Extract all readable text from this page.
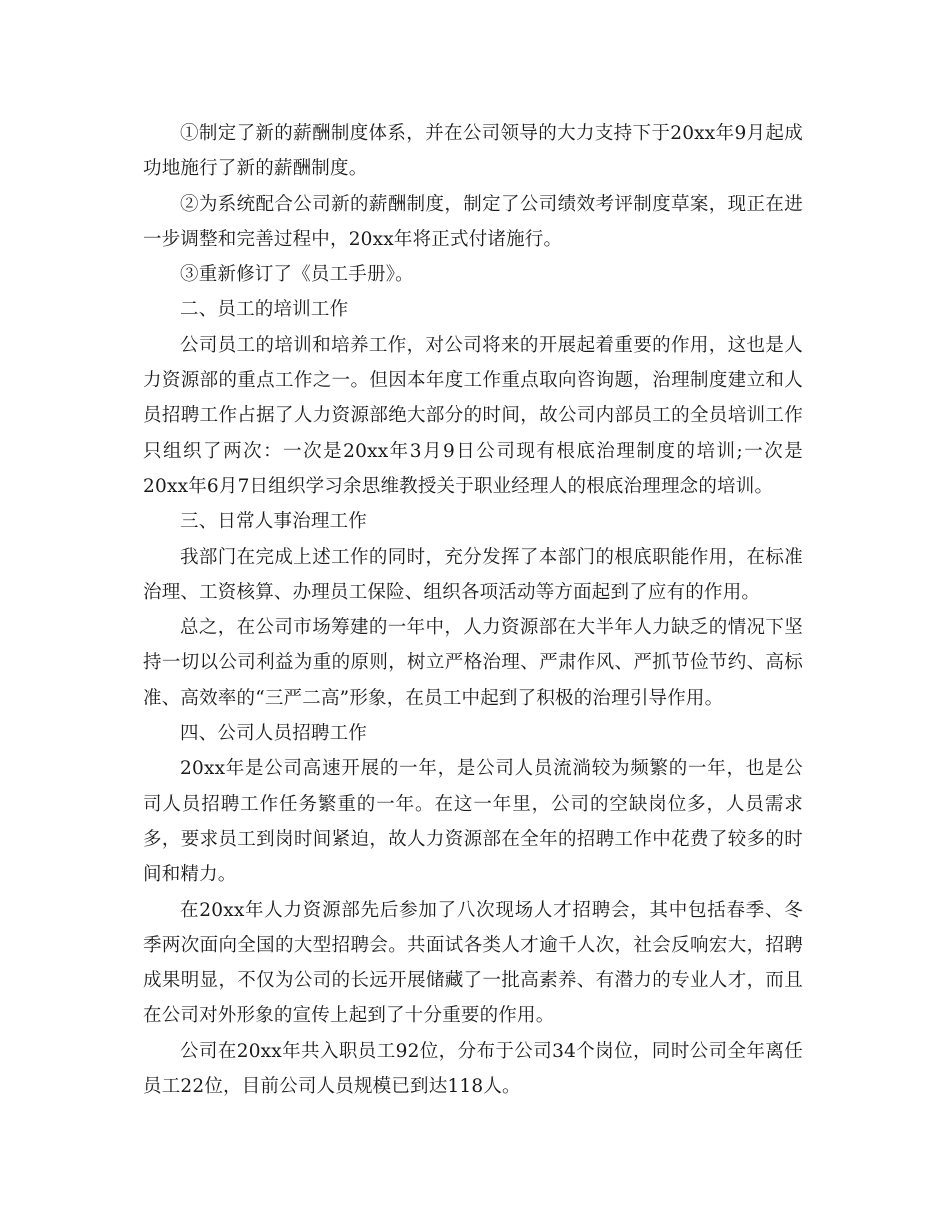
①制定了新的薪酬制度体系，并在公司领导的大力支持下于20xx年9月起成功地施行了新的薪酬制度。

②为系统配合公司新的薪酬制度，制定了公司绩效考评制度草案，现正在进一步调整和完善过程中，20xx年将正式付诸施行。

③重新修订了《员工手册》。

二、员工的培训工作

公司员工的培训和培养工作，对公司将来的开展起着重要的作用，这也是人力资源部的重点工作之一。但因本年度工作重点取向咨询题，治理制度建立和人员招聘工作占据了人力资源部绝大部分的时间，故公司内部员工的全员培训工作只组织了两次：一次是20xx年3月9日公司现有根底治理制度的培训;一次是20xx年6月7日组织学习余思维教授关于职业经理人的根底治理理念的培训。

三、日常人事治理工作

我部门在完成上述工作的同时，充分发挥了本部门的根底职能作用，在标准治理、工资核算、办理员工保险、组织各项活动等方面起到了应有的作用。

总之，在公司市场筹建的一年中，人力资源部在大半年人力缺乏的情况下坚持一切以公司利益为重的原则，树立严格治理、严肃作风、严抓节俭节约、高标准、高效率的“三严二高”形象，在员工中起到了积极的治理引导作用。

四、公司人员招聘工作

20xx年是公司高速开展的一年，是公司人员流淌较为频繁的一年，也是公司人员招聘工作任务繁重的一年。在这一年里，公司的空缺岗位多，人员需求多，要求员工到岗时间紧迫，故人力资源部在全年的招聘工作中花费了较多的时间和精力。

在20xx年人力资源部先后参加了八次现场人才招聘会，其中包括春季、冬季两次面向全国的大型招聘会。共面试各类人才逾千人次，社会反响宏大，招聘成果明显，不仅为公司的长远开展储藏了一批高素养、有潜力的专业人才，而且在公司对外形象的宣传上起到了十分重要的作用。

公司在20xx年共入职员工92位，分布于公司34个岗位，同时公司全年离任员工22位，目前公司人员规模已到达118人。
